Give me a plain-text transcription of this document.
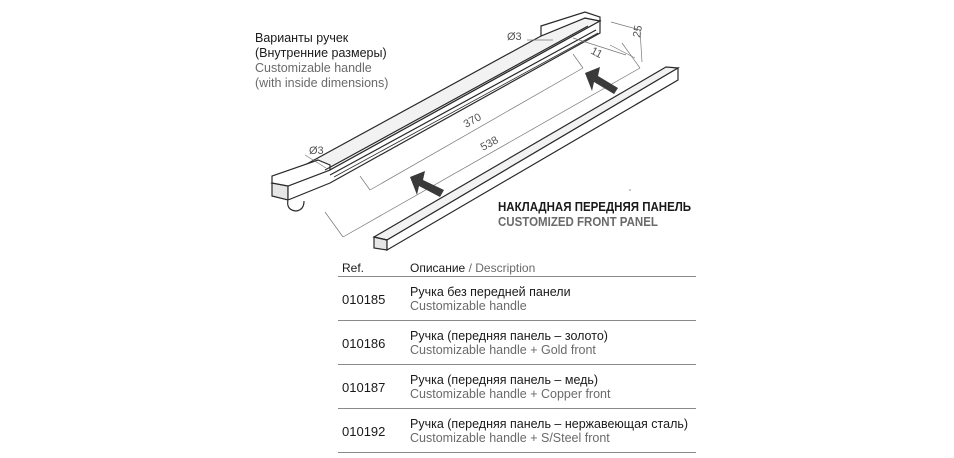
Ø3
Ø3
11
25
370
538
Варианты ручек
(Внутренние размеры)
Customizable handle
(with inside dimensions)
НАКЛАДНАЯ ПЕРЕДНЯЯ ПАНЕЛЬ
CUSTOMIZED FRONT PANEL
Ref.	Описание / Description
010185 Ручка без передней панели
Customizable handle
010186 Ручка (передняя панель – золото)
Customizable handle + Gold front
010187 Ручка (передняя панель – медь)
Customizable handle + Copper front
010192 Ручка (передняя панель – нержавеющая сталь)
Customizable handle + S/Steel front
